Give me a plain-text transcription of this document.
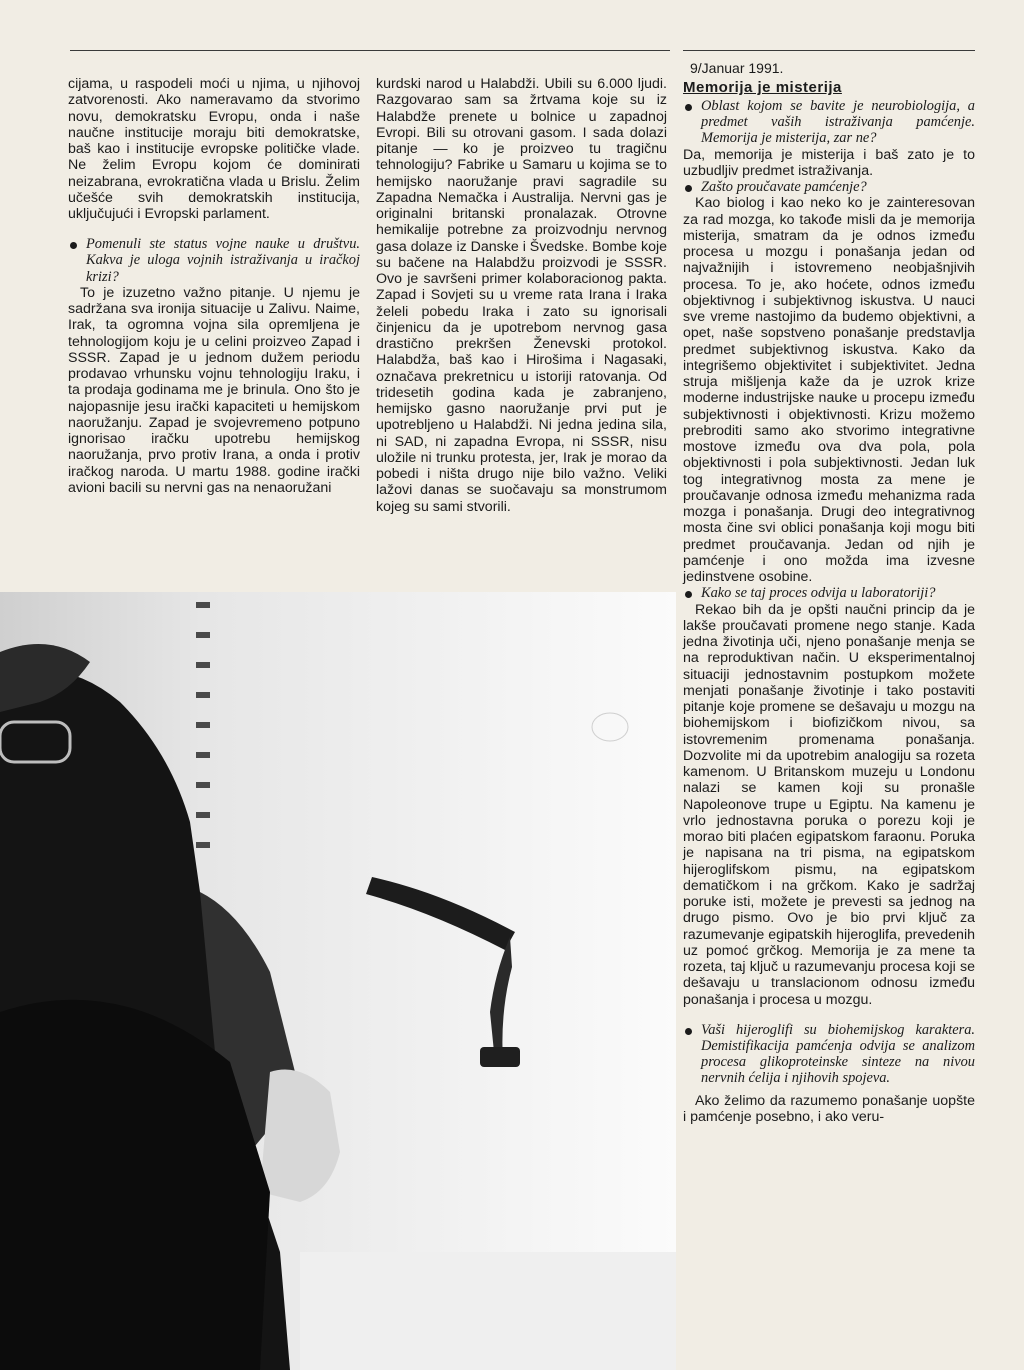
9/Januar 1991.
Memorija je misterija

cijama, u raspodeli moći u njima, u njihovoj zatvorenosti. Ako nameravamo da stvorimo novu, demokratsku Evropu, onda i naše naučne institucije moraju biti demokratske, baš kao i institucije evropske političke vlade. Ne želim Evropu kojom će dominirati neizabrana, evrokratična vlada u Brislu. Želim učešće svih demokratskih institucija, uključujući i Evropski parlament.

Pomenuli ste status vojne nauke u društvu. Kakva je uloga vojnih istraživanja u iračkoj krizi?

To je izuzetno važno pitanje. U njemu je sadržana sva ironija situacije u Zalivu. Naime, Irak, ta ogromna vojna sila opremljena je tehnologijom koju je u celini proizveo Zapad i SSSR. Zapad je u jednom dužem periodu prodavao vrhunsku vojnu tehnologiju Iraku, i ta prodaja godinama me je brinula. Ono što je najopasnije jesu irački kapaciteti u hemijskom naoružanju. Zapad je svojevremeno potpuno ignorisao iračku upotrebu hemijskog naoružanja, prvo protiv Irana, a onda i protiv iračkog naroda. U martu 1988. godine irački avioni bacili su nervni gas na nenaoružani

kurdski narod u Halabdži. Ubili su 6.000 ljudi. Razgovarao sam sa žrtvama koje su iz Halabdže prenete u bolnice u zapadnoj Evropi. Bili su otrovani gasom. I sada dolazi pitanje — ko je proizveo tu tragičnu tehnologiju? Fabrike u Samaru u kojima se to hemijsko naoružanje pravi sagradile su Zapadna Nemačka i Australija. Nervni gas je originalni britanski pronalazak. Otrovne hemikalije potrebne za proizvodnju nervnog gasa dolaze iz Danske i Švedske. Bombe koje su bačene na Halabdžu proizvodi je SSSR. Ovo je savršeni primer kolaboracionog pakta. Zapad i Sovjeti su u vreme rata Irana i Iraka želeli pobedu Iraka i zato su ignorisali činjenicu da je upotrebom nervnog gasa drastično prekršen Ženevski protokol. Halabdža, baš kao i Hirošima i Nagasaki, označava prekretnicu u istoriji ratovanja. Od tridesetih godina kada je zabranjeno, hemijsko gasno naoružanje prvi put je upotrebljeno u Halabdži. Ni jedna jedina sila, ni SAD, ni zapadna Evropa, ni SSSR, nisu uložile ni trunku protesta, jer, Irak je morao da pobedi i ništa drugo nije bilo važno. Veliki lažovi danas se suočavaju sa monstrumom kojeg su sami stvorili.

Oblast kojom se bavite je neurobiologija, a predmet vaših istraživanja pamćenje. Memorija je misterija, zar ne?

Da, memorija je misterija i baš zato je to uzbudljiv predmet istraživanja.

Zašto proučavate pamćenje?

Kao biolog i kao neko ko je zainteresovan za rad mozga, ko takođe misli da je memorija misterija, smatram da je odnos između procesa u mozgu i ponašanja jedan od najvažnijih i istovremeno neobjašnjivih procesa. To je, ako hoćete, odnos između objektivnog i subjektivnog iskustva. U nauci sve vreme nastojimo da budemo objektivni, a opet, naše sopstveno ponašanje predstavlja predmet subjektivnog iskustva. Kako da integrišemo objektivitet i subjektivitet. Jedna struja mišljenja kaže da je uzrok krize moderne industrijske nauke u procepu između subjektivnosti i objektivnosti. Krizu možemo prebroditi samo ako stvorimo integrativne mostove između ova dva pola, pola objektivnosti i pola subjektivnosti. Jedan luk tog integrativnog mosta za mene je proučavanje odnosa između mehanizma rada mozga i ponašanja. Drugi deo integrativnog mosta čine svi oblici ponašanja koji mogu biti predmet proučavanja. Jedan od njih je pamćenje i ono možda ima izvesne jedinstvene osobine.

Kako se taj proces odvija u laboratoriji?

Rekao bih da je opšti naučni princip da je lakše proučavati promene nego stanje. Kada jedna životinja uči, njeno ponašanje menja se na reproduktivan način. U eksperimentalnoj situaciji jednostavnim postupkom možete menjati ponašanje životinje i tako postaviti pitanje koje promene se dešavaju u mozgu na biohemijskom i biofizičkom nivou, sa istovremenim promenama ponašanja. Dozvolite mi da upotrebim analogiju sa rozeta kamenom. U Britanskom muzeju u Londonu nalazi se kamen koji su pronašle Napoleonove trupe u Egiptu. Na kamenu je vrlo jednostavna poruka o porezu koji je morao biti plaćen egipatskom faraonu. Poruka je napisana na tri pisma, na egipatskom hijeroglifskom pismu, na egipatskom dematičkom i na grčkom. Kako je sadržaj poruke isti, možete je prevesti sa jednog na drugo pismo. Ovo je bio prvi ključ za razumevanje egipatskih hijeroglifa, prevedenih uz pomoć grčkog. Memorija je za mene ta rozeta, taj ključ u razumevanju procesa koji se dešavaju u translacionom odnosu između ponašanja i procesa u mozgu.

Vaši hijeroglifi su biohemijskog karaktera. Demistifikacija pamćenja odvija se analizom procesa glikoproteinske sinteze na nivou nervnih ćelija i njihovih spojeva.

Ako želimo da razumemo ponašanje uopšte i pamćenje posebno, i ako veru-
